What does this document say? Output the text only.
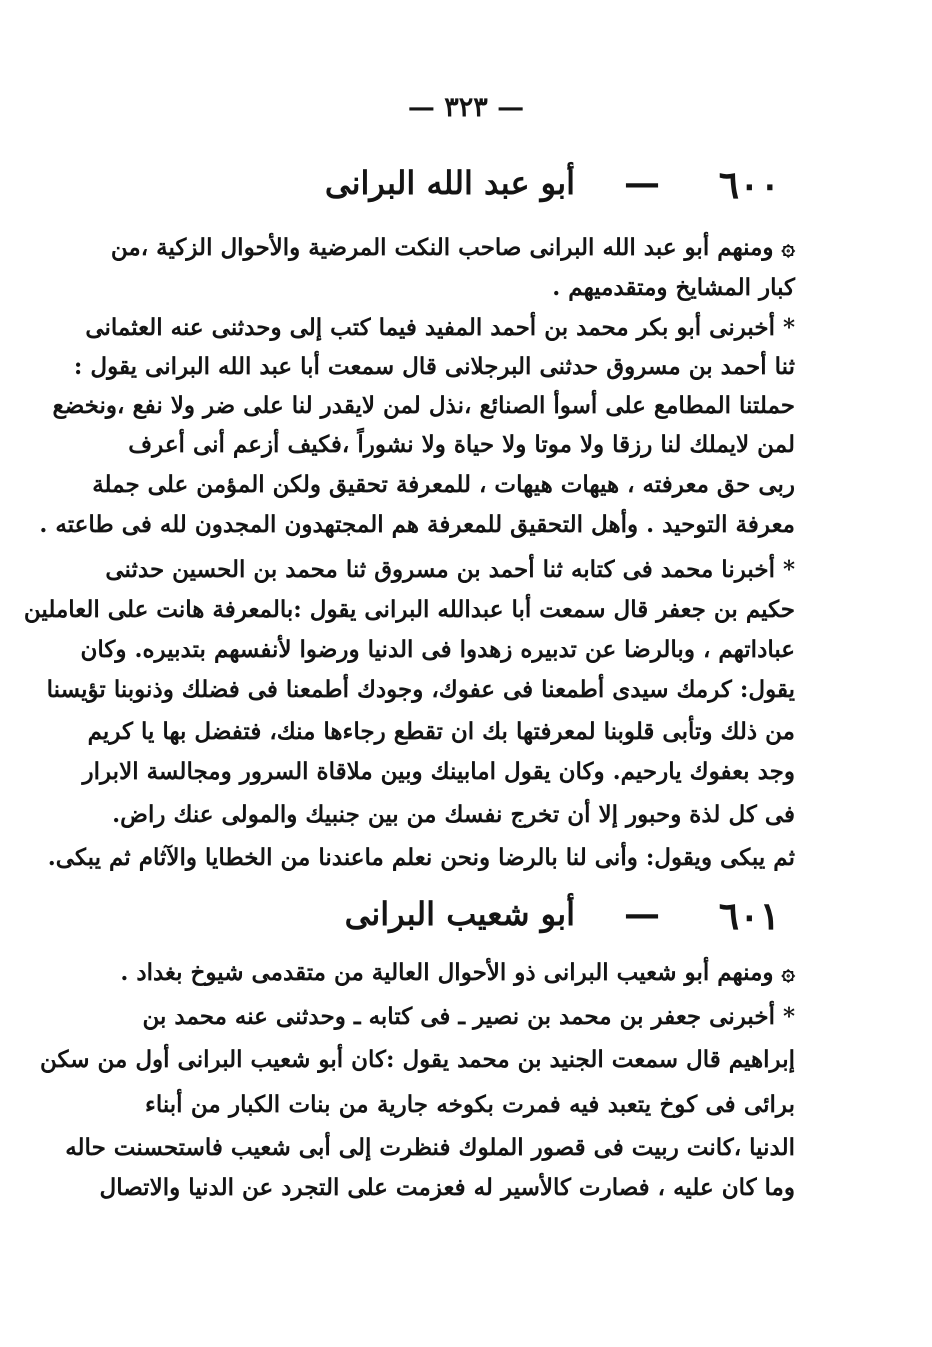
— ٣٢٣ —
٦٠٠
—
أبو عبد الله البرانى
۞ ومنهم أبو عبد الله البرانى صاحب النكت المرضية والأحوال الزكية ،من
كبار المشايخ ومتقدميهم .
* أخبرنى أبو بكر محمد بن أحمد المفيد فيما كتب إلى وحدثنى عنه العثمانى
ثنا أحمد بن مسروق حدثنى البرجلانى قال سمعت أبا عبد الله البرانى يقول :
حملتنا المطامع على أسوأ الصنائع ،نذل لمن لايقدر لنا على ضر ولا نفع ،ونخضع
لمن لايملك لنا رزقا ولا موتا ولا حياة ولا نشوراً ،فكيف أزعم أنى أعرف
ربى حق معرفته ، هيهات هيهات ، للمعرفة تحقيق ولكن المؤمن على جملة
معرفة التوحيد . وأهل التحقيق للمعرفة هم المجتهدون المجدون لله فى طاعته .
* أخبرنا محمد فى كتابه ثنا أحمد بن مسروق ثنا محمد بن الحسين حدثنى
حكيم بن جعفر قال سمعت أبا عبدالله البرانى يقول :بالمعرفة هانت على العاملين
عباداتهم ، وبالرضا عن تدبيره زهدوا فى الدنيا ورضوا لأنفسهم بتدبيره. وكان
يقول: كرمك سيدى أطمعنا فى عفوك، وجودك أطمعنا فى فضلك وذنوبنا تؤيسنا
من ذلك وتأبى قلوبنا لمعرفتها بك ان تقطع رجاءها منك، فتفضل بها يا كريم
وجد بعفوك يارحيم. وكان يقول امابينك وبين ملاقاة السرور ومجالسة الابرار
فى كل لذة وحبور إلا أن تخرج نفسك من بين جنبيك والمولى عنك راض.
ثم يبكى ويقول: وأنى لنا بالرضا ونحن نعلم ماعندنا من الخطايا والآثام ثم يبكى.
٦٠١
—
أبو شعيب البرانى
۞ ومنهم أبو شعيب البرانى ذو الأحوال العالية من متقدمى شيوخ بغداد .
* أخبرنى جعفر بن محمد بن نصير ـ فى كتابه ـ وحدثنى عنه محمد بن
إبراهيم قال سمعت الجنيد بن محمد يقول :كان أبو شعيب البرانى أول من سكن
برائى فى كوخ يتعبد فيه فمرت بكوخه جارية من بنات الكبار من أبناء
الدنيا ،كانت ربيت فى قصور الملوك فنظرت إلى أبى شعيب فاستحسنت حاله
وما كان عليه ، فصارت كالأسير له فعزمت على التجرد عن الدنيا والاتصال
